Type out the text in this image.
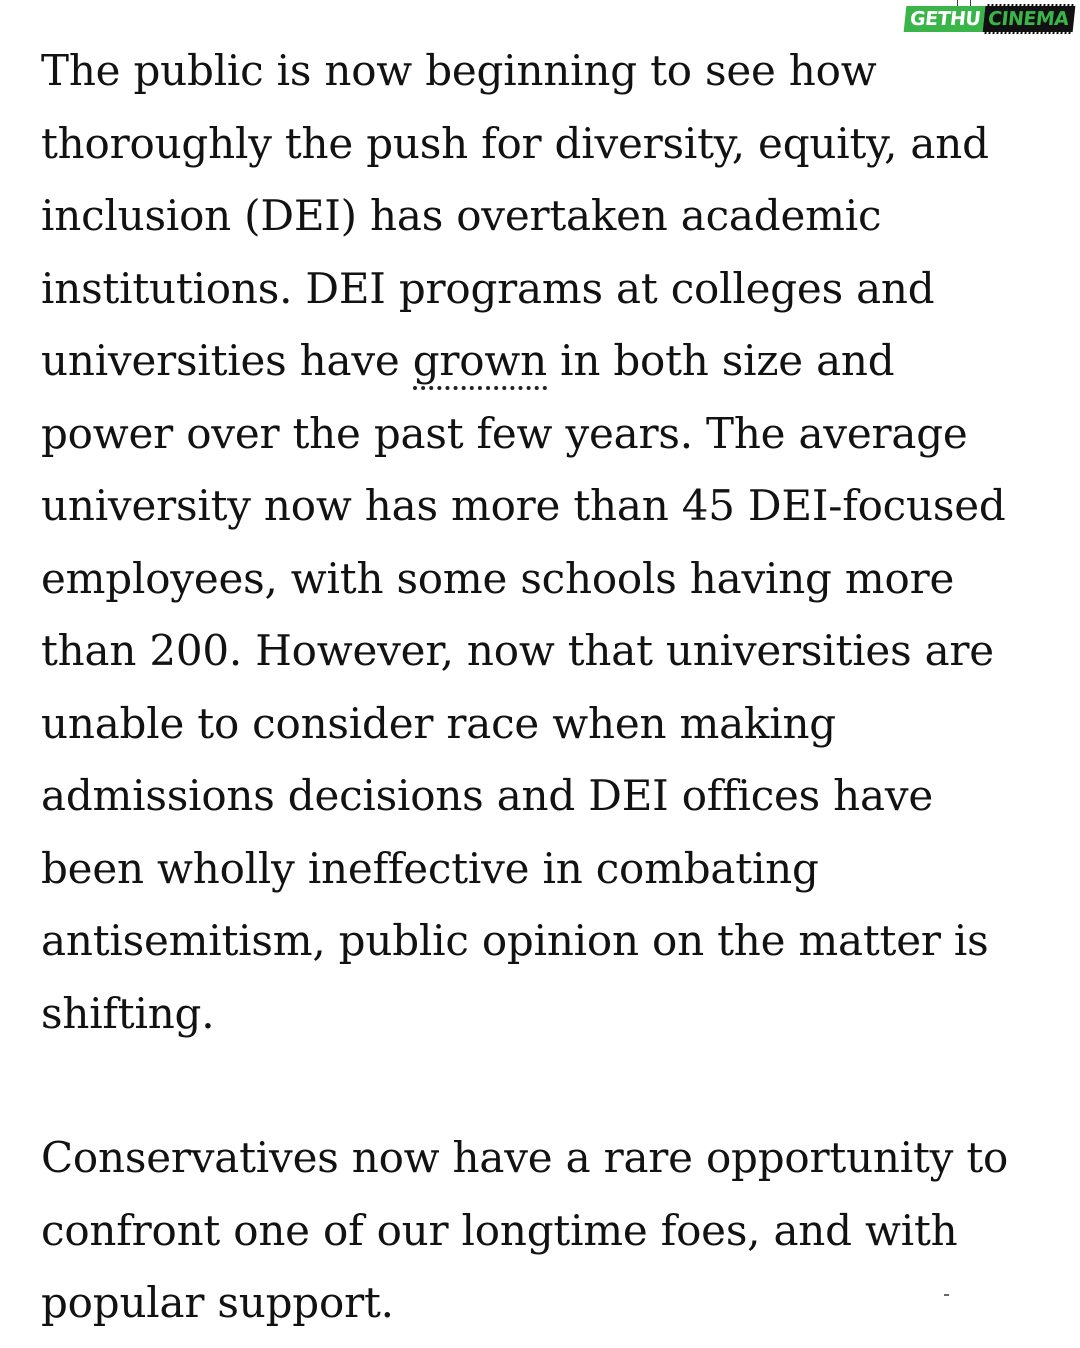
GETHU CINEMA

The public is now beginning to see how thoroughly the push for diversity, equity, and inclusion (DEI) has overtaken academic institutions. DEI programs at colleges and universities have grown in both size and power over the past few years. The average university now has more than 45 DEI-focused employees, with some schools having more than 200. However, now that universities are unable to consider race when making admissions decisions and DEI offices have been wholly ineffective in combating antisemitism, public opinion on the matter is shifting.

Conservatives now have a rare opportunity to confront one of our longtime foes, and with popular support.
